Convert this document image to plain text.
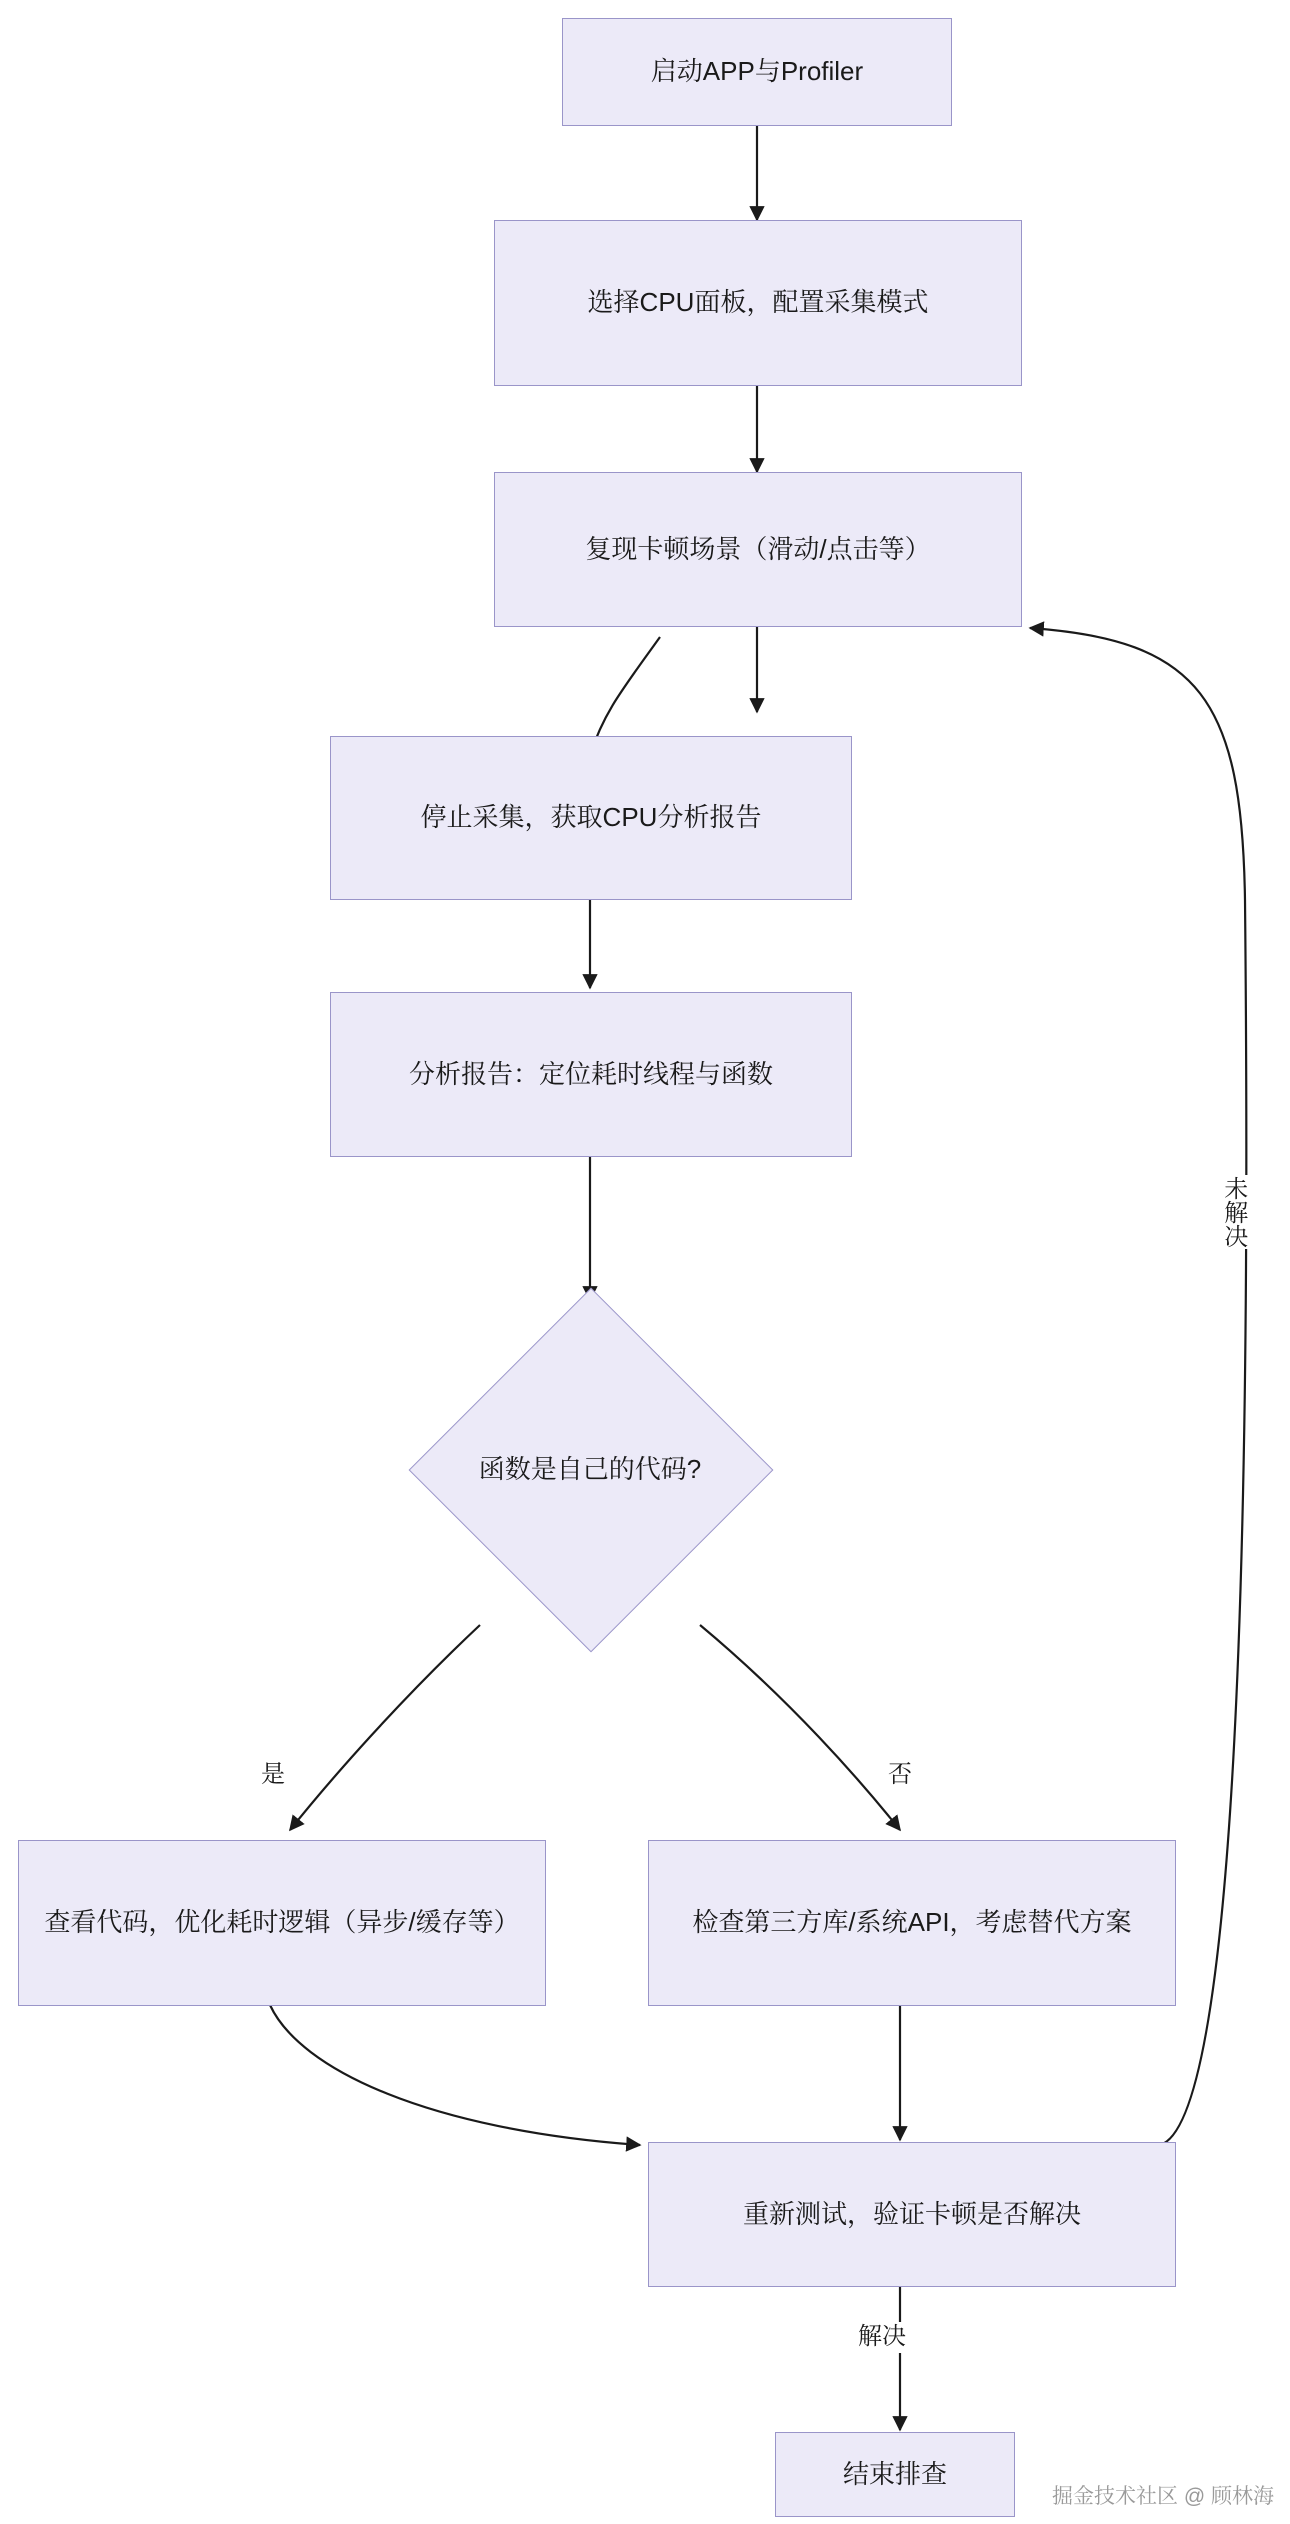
启动APP与Profiler
选择CPU面板，配置采集模式
复现卡顿场景（滑动/点击等）
停止采集，获取CPU分析报告
分析报告：定位耗时线程与函数
函数是自己的代码?
查看代码，优化耗时逻辑（异步/缓存等）	检查第三方库/系统API，考虑替代方案
重新测试，验证卡顿是否解决
结束排查
是	否
解决
未解决
掘金技术社区 @ 顾林海
